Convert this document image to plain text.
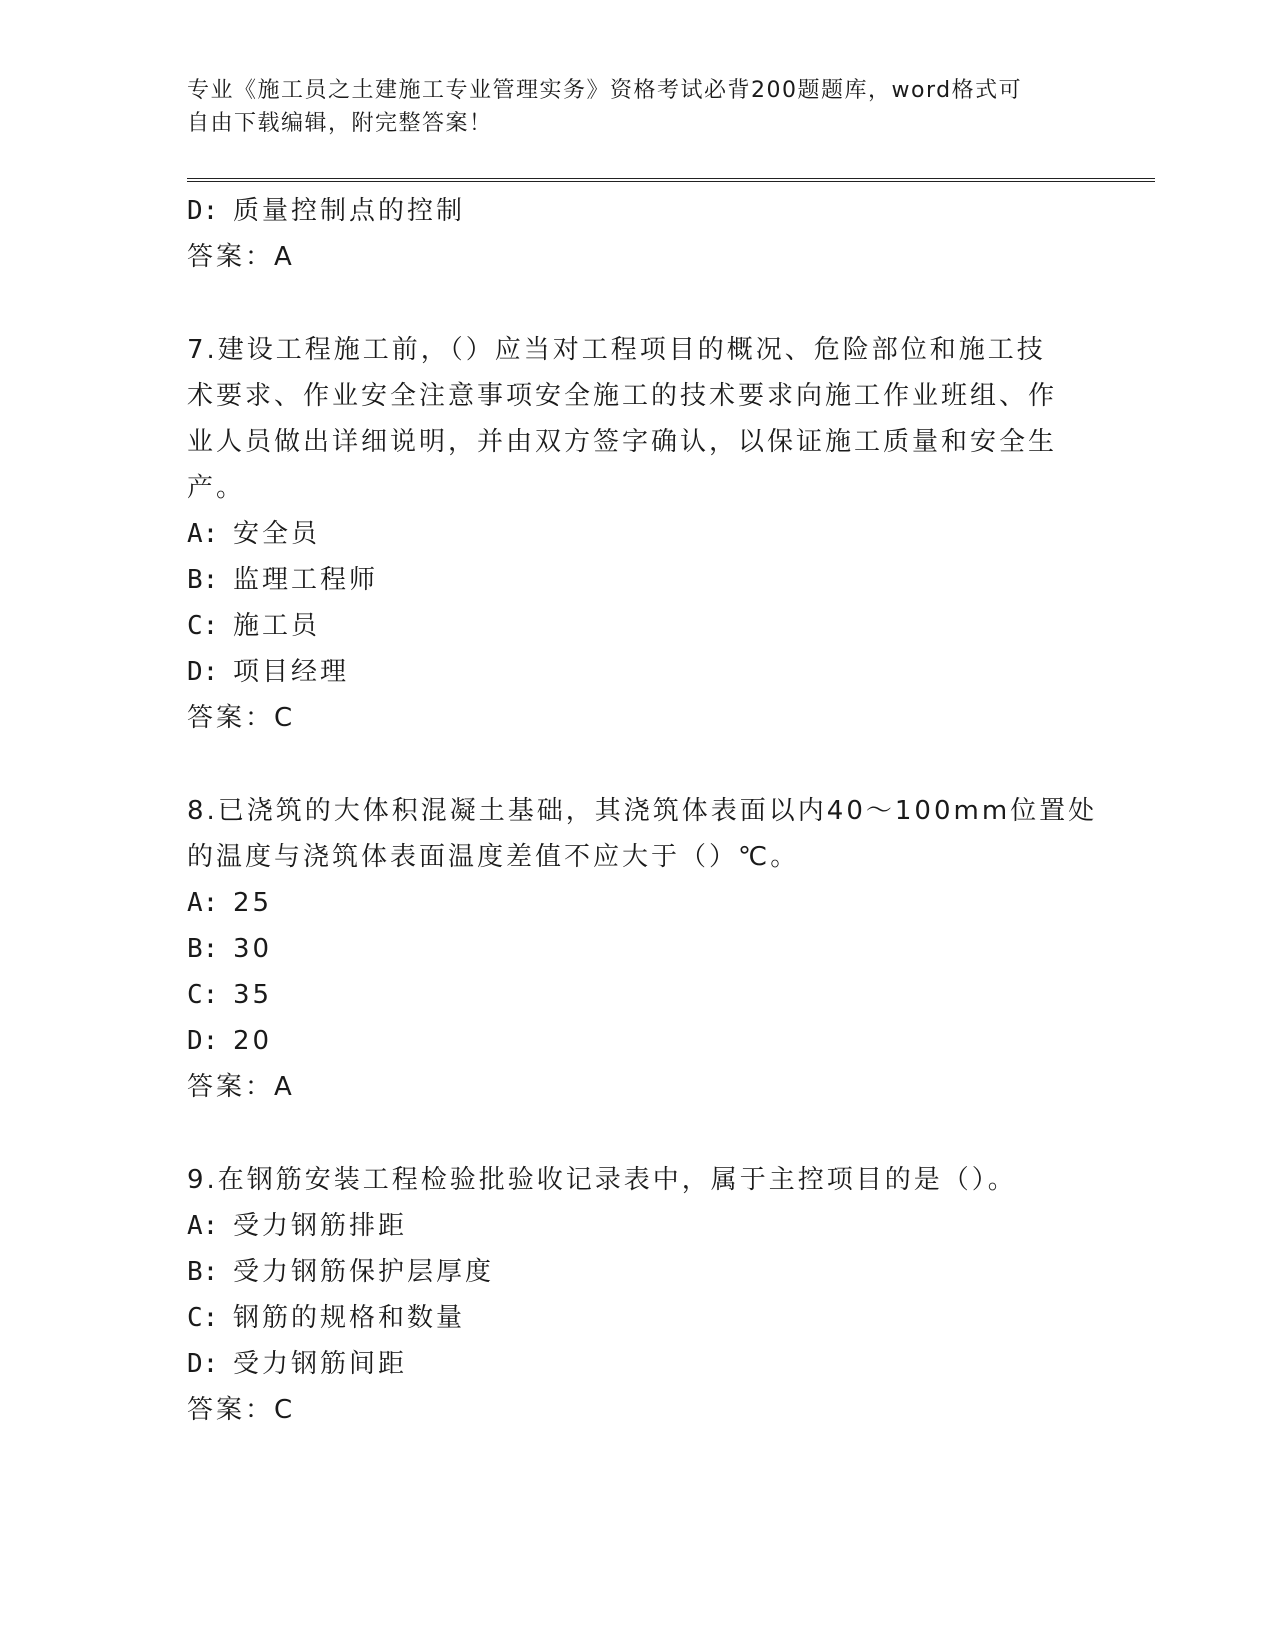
专业《施工员之土建施工专业管理实务》资格考试必背200题题库，word格式可
自由下载编辑，附完整答案！
D: 质量控制点的控制
答案：A
7.建设工程施工前，（）应当对工程项目的概况、危险部位和施工技
术要求、作业安全注意事项安全施工的技术要求向施工作业班组、作
业人员做出详细说明，并由双方签字确认，以保证施工质量和安全生
产。
A: 安全员
B: 监理工程师
C: 施工员
D: 项目经理
答案：C
8.已浇筑的大体积混凝土基础，其浇筑体表面以内40～100mm位置处
的温度与浇筑体表面温度差值不应大于（）℃。
A: 25
B: 30
C: 35
D: 20
答案：A
9.在钢筋安装工程检验批验收记录表中，属于主控项目的是（）。
A: 受力钢筋排距
B: 受力钢筋保护层厚度
C: 钢筋的规格和数量
D: 受力钢筋间距
答案：C
